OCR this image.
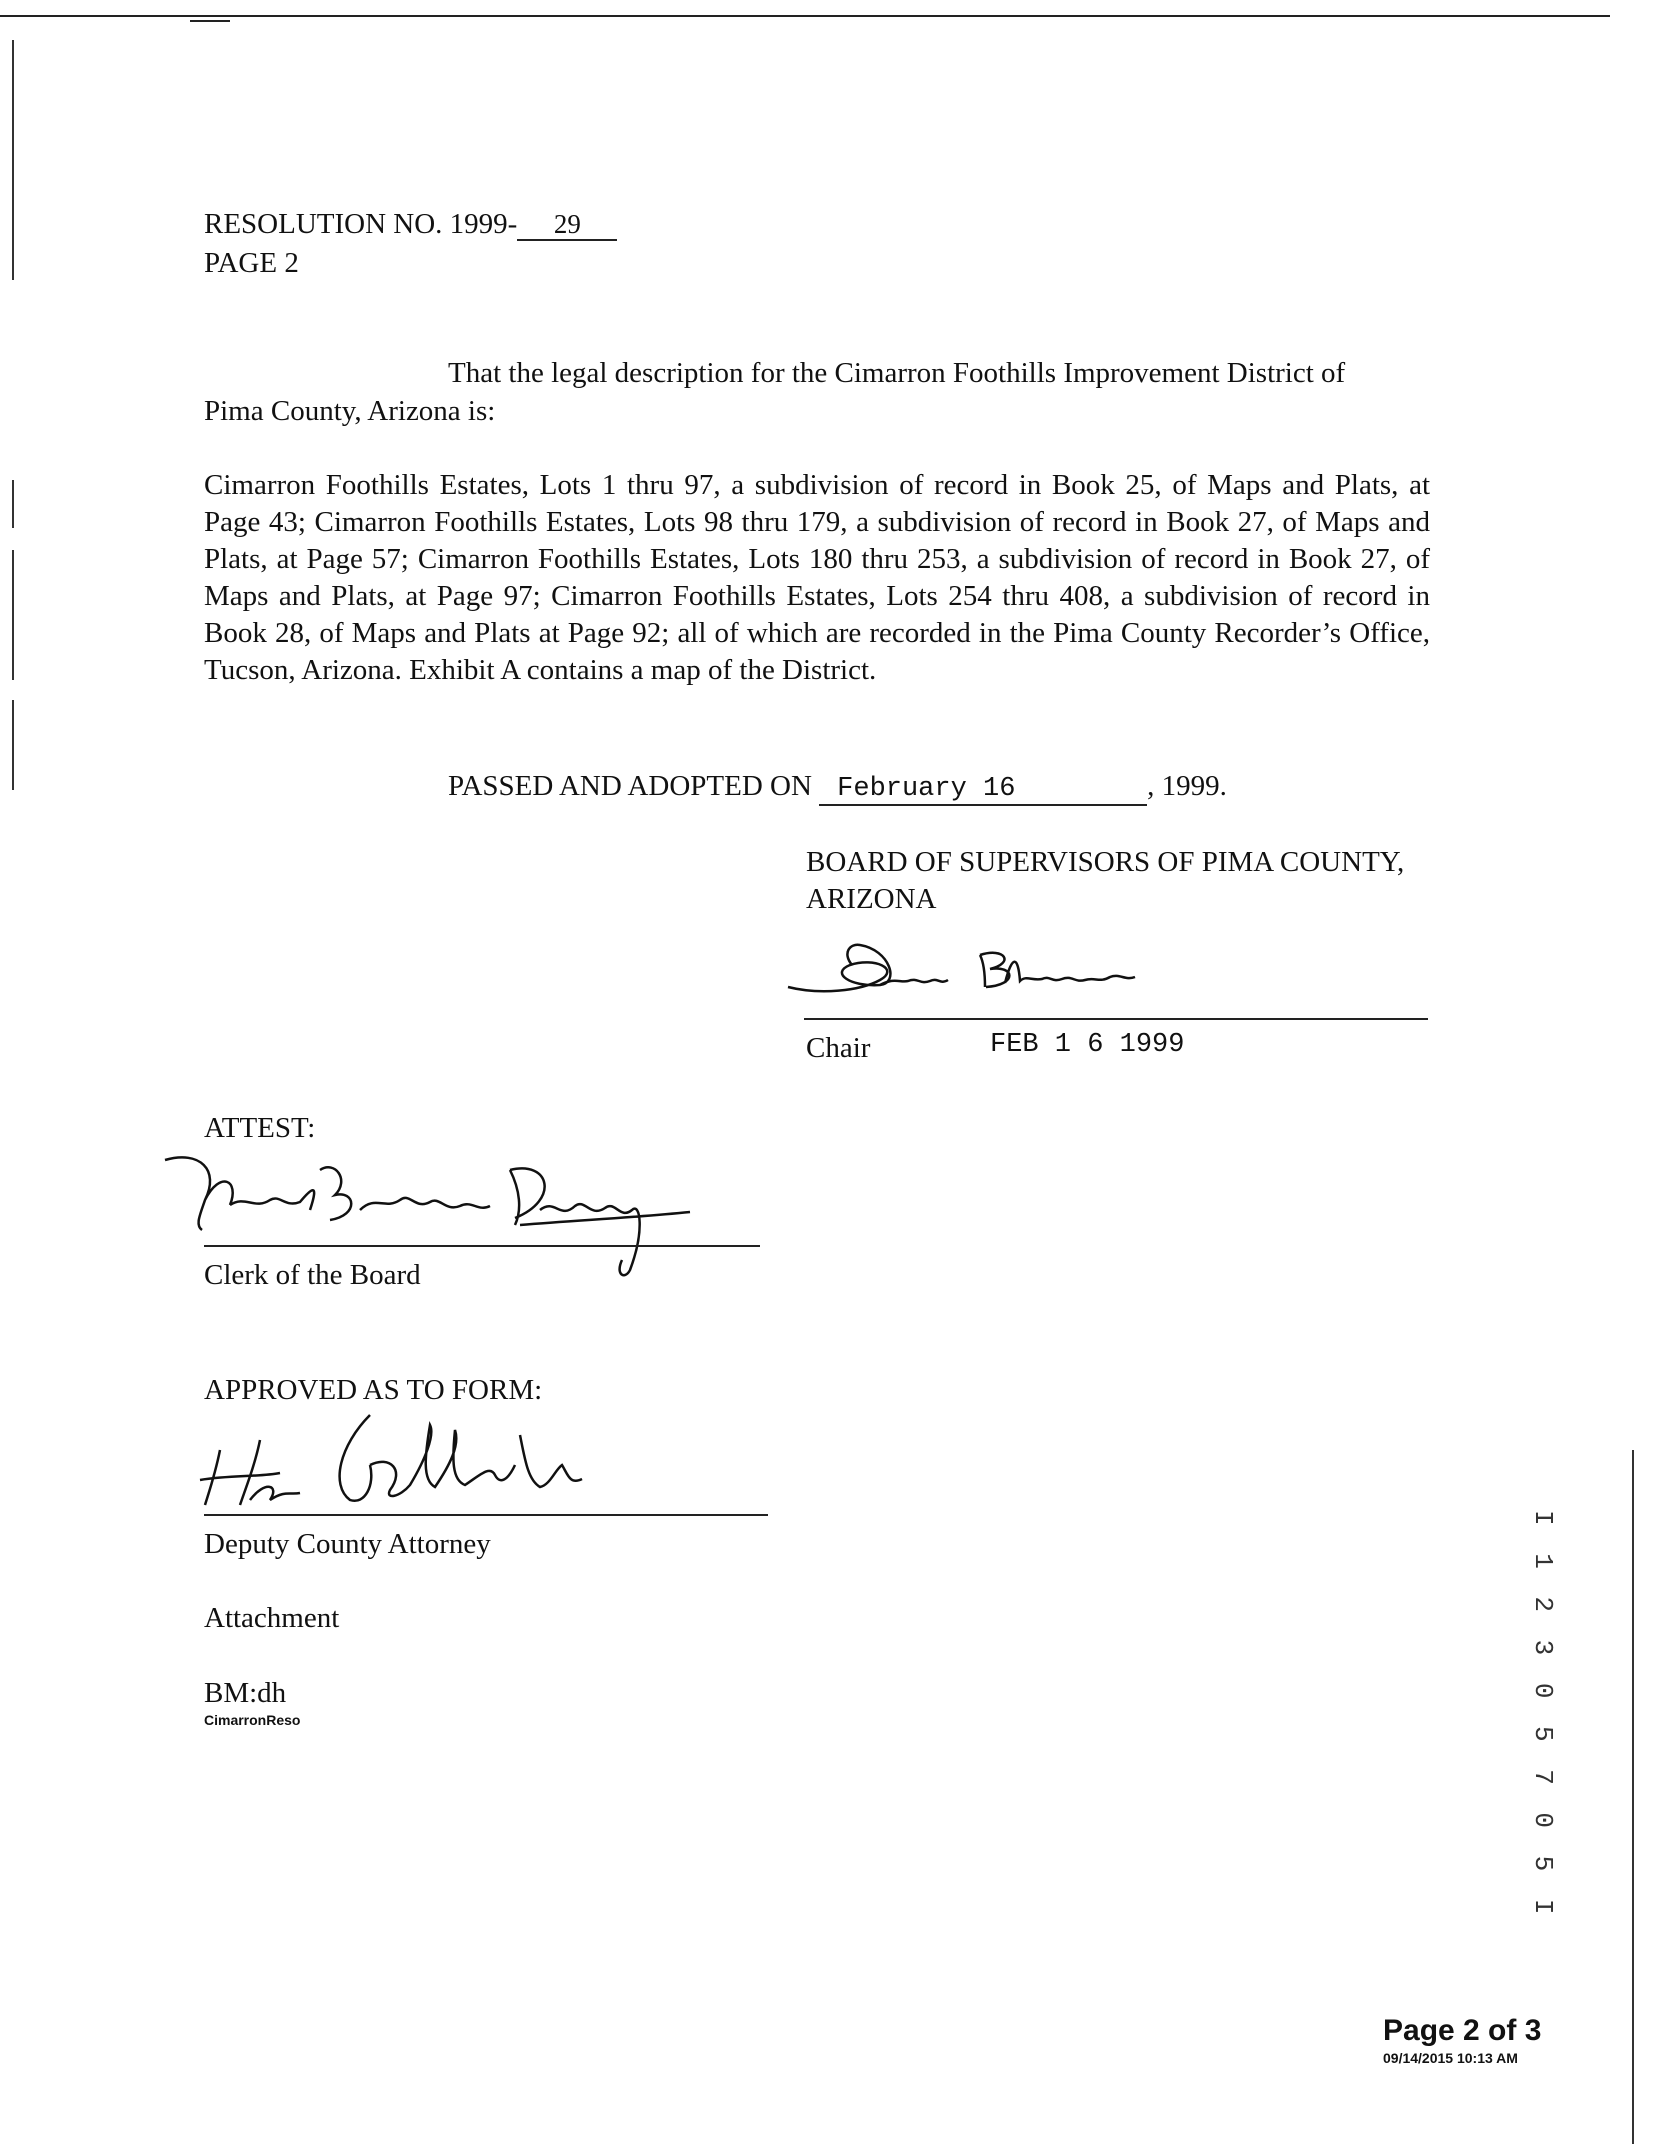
RESOLUTION NO. 1999- 29
PAGE 2
That the legal description for the Cimarron Foothills Improvement District of
Pima County, Arizona is:
Cimarron Foothills Estates, Lots 1 thru 97, a subdivision of record in Book 25, of Maps and Plats, at Page 43; Cimarron Foothills Estates, Lots 98 thru 179, a subdivision of record in Book 27, of Maps and Plats, at Page 57; Cimarron Foothills Estates, Lots 180 thru 253, a subdivision of record in Book 27, of Maps and Plats, at Page 97; Cimarron Foothills Estates, Lots 254 thru 408, a subdivision of record in Book 28, of Maps and Plats at Page 92; all of which are recorded in the Pima County Recorder’s Office, Tucson, Arizona. Exhibit A contains a map of the District.
PASSED AND ADOPTED ON February 16	, 1999.
BOARD OF SUPERVISORS OF PIMA COUNTY,
ARIZONA
Chair	FEB 1 6 1999
ATTEST:
Clerk of the Board
APPROVED AS TO FORM:
Deputy County Attorney
Attachment
BM:dh
CimarronReso	Ι 1 2 3 0 5 7 0 5 Ι
Page 2 of 3
09/14/2015 10:13 AM
